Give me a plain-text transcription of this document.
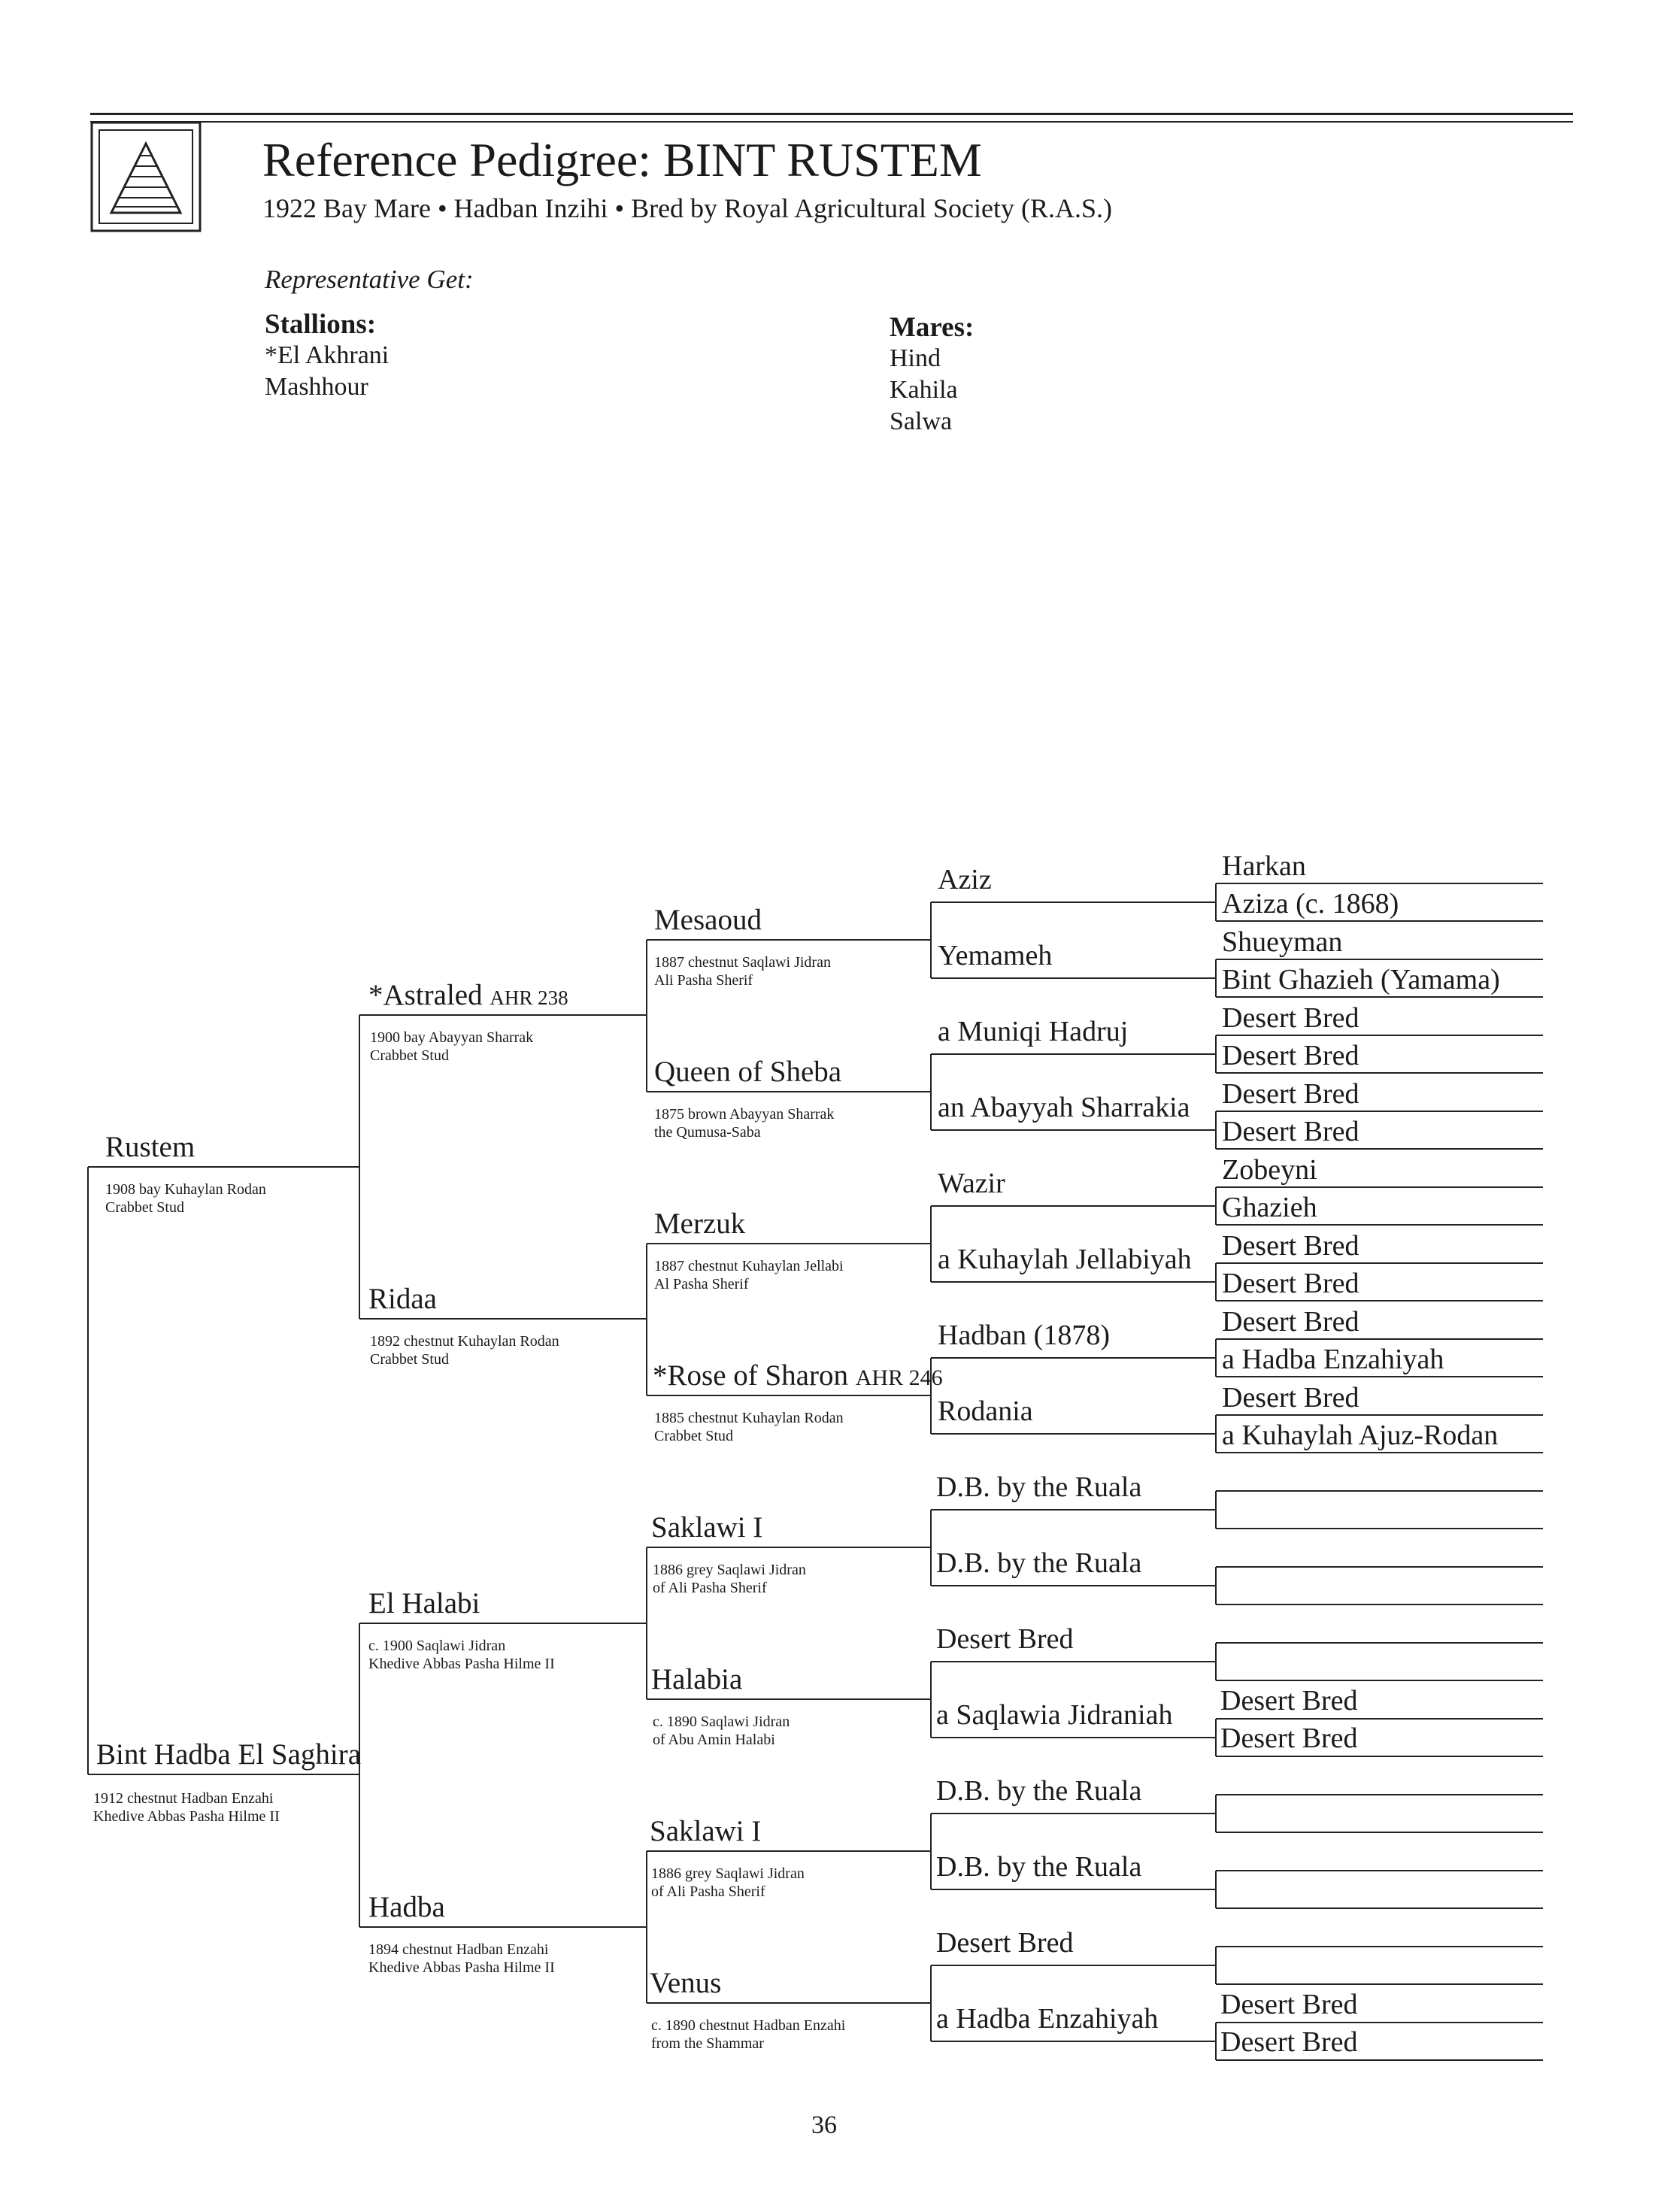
Reference Pedigree: BINT RUSTEM
1922 Bay Mare • Hadban Inzihi • Bred by Royal Agricultural Society (R.A.S.)
Representative Get:
Stallions:
*El Akhrani
Mashhour
Mares:
Hind
Kahila
Salwa
Rustem
1908 bay Kuhaylan Rodan
Crabbet Stud
Bint Hadba El Saghira
1912 chestnut Hadban Enzahi
Khedive Abbas Pasha Hilme II
*Astraled AHR 238
1900 bay Abayyan Sharrak
Crabbet Stud
Ridaa
1892 chestnut Kuhaylan Rodan
Crabbet Stud
El Halabi
c. 1900 Saqlawi Jidran
Khedive Abbas Pasha Hilme II
Hadba
1894 chestnut Hadban Enzahi
Khedive Abbas Pasha Hilme II
Mesaoud
1887 chestnut Saqlawi Jidran
Ali Pasha Sherif
Queen of Sheba
1875 brown Abayyan Sharrak
the Qumusa-Saba
Merzuk
1887 chestnut Kuhaylan Jellabi
Al Pasha Sherif
*Rose of Sharon AHR 246
1885 chestnut Kuhaylan Rodan
Crabbet Stud
Saklawi I
1886 grey Saqlawi Jidran
of Ali Pasha Sherif
Halabia
c. 1890 Saqlawi Jidran
of Abu Amin Halabi
Saklawi I
1886 grey Saqlawi Jidran
of Ali Pasha Sherif
Venus
c. 1890 chestnut Hadban Enzahi
from the Shammar
Aziz
Yemameh
a Muniqi Hadruj
an Abayyah Sharrakia
Wazir
a Kuhaylah Jellabiyah
Hadban (1878)
Rodania
D.B. by the Ruala
D.B. by the Ruala
Desert Bred
a Saqlawia Jidraniah
D.B. by the Ruala
D.B. by the Ruala
Desert Bred
a Hadba Enzahiyah
Harkan
Aziza (c. 1868)
Shueyman
Bint Ghazieh (Yamama)
Desert Bred
Desert Bred
Desert Bred
Desert Bred
Zobeyni
Ghazieh
Desert Bred
Desert Bred
Desert Bred
a Hadba Enzahiyah
Desert Bred
a Kuhaylah Ajuz-Rodan
Desert Bred
Desert Bred
Desert Bred
Desert Bred
36
